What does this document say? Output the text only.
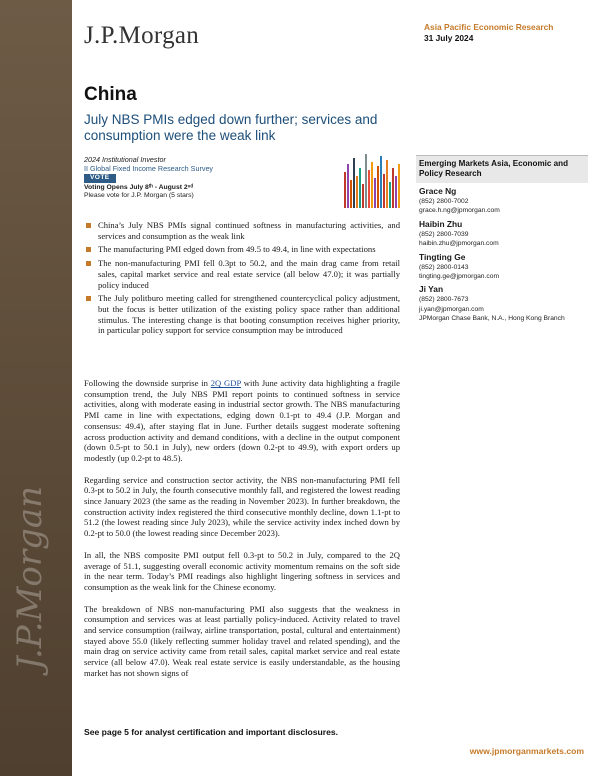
J.P.Morgan
J.P.Morgan	Asia Pacific Economic Research
31 July 2024
China
July NBS PMIs edged down further; services and consumption were the weak link
2024 Institutional Investor
II Global Fixed Income Research Survey
VOTE
Voting Opens July 8ᵗʰ - August 2ⁿᵈ
Please vote for J.P. Morgan (5 stars)
China’s July NBS PMIs signal continued softness in manufacturing activities, and services and consumption as the weak link
The manufacturing PMI edged down from 49.5 to 49.4, in line with expectations
The non-manufacturing PMI fell 0.3pt to 50.2, and the main drag came from retail sales, capital market service and real estate service (all below 47.0); it was partially policy induced
The July politburo meeting called for strengthened countercyclical policy adjustment, but the focus is better utilization of the existing policy space rather than additional stimulus. The interesting change is that booting consumption receives higher priority, in particular policy support for service consumption may be introduced

Following the downside surprise in 2Q GDP with June activity data highlighting a fragile consumption trend, the July NBS PMI report points to continued softness in service activities, along with moderate easing in industrial sector growth. The NBS manufacturing PMI came in line with expectations, edging down 0.1-pt to 49.4 (J.P. Morgan and consensus: 49.4), after staying flat in June. Further details suggest moderate softening across production activity and demand conditions, with a decline in the output component (down 0.5-pt to 50.1 in July), new orders (down 0.2-pt to 49.9), with export orders up modestly (up 0.2-pt to 48.5).

Regarding service and construction sector activity, the NBS non-manufacturing PMI fell 0.3-pt to 50.2 in July, the fourth consecutive monthly fall, and registered the lowest reading since January 2023 (the same as the reading in November 2023). In further breakdown, the construction activity index registered the third consecutive monthly decline, down 1.1-pt to 51.2 (the lowest reading since July 2023), while the service activity index inched down by 0.2-pt to 50.0 (the lowest reading since December 2023).

In all, the NBS composite PMI output fell 0.3-pt to 50.2 in July, compared to the 2Q average of 51.1, suggesting overall economic activity momentum remains on the soft side in the near term. Today’s PMI readings also highlight lingering softness in services and consumption as the weak link for the Chinese economy.

The breakdown of NBS non-manufacturing PMI also suggests that the weakness in consumption and services was at least partially policy-induced. Activity related to travel and service consumption (railway, airline transportation, postal, cultural and entertainment) stayed above 55.0 (likely reflecting summer holiday travel and related spending), and the main drag on service activity came from retail sales, capital market service and real estate service (all below 47.0). Weak real estate service is easily understandable, as the housing market has not shown signs of

Emerging Markets Asia, Economic and Policy Research
Grace Ng
(852) 2800-7002
grace.h.ng@jpmorgan.com
Haibin Zhu
(852) 2800-7039
haibin.zhu@jpmorgan.com
Tingting Ge
(852) 2800-0143
tingting.ge@jpmorgan.com
Ji Yan
(852) 2800-7673
ji.yan@jpmorgan.com
JPMorgan Chase Bank, N.A., Hong Kong Branch
See page 5 for analyst certification and important disclosures.
www.jpmorganmarkets.com
